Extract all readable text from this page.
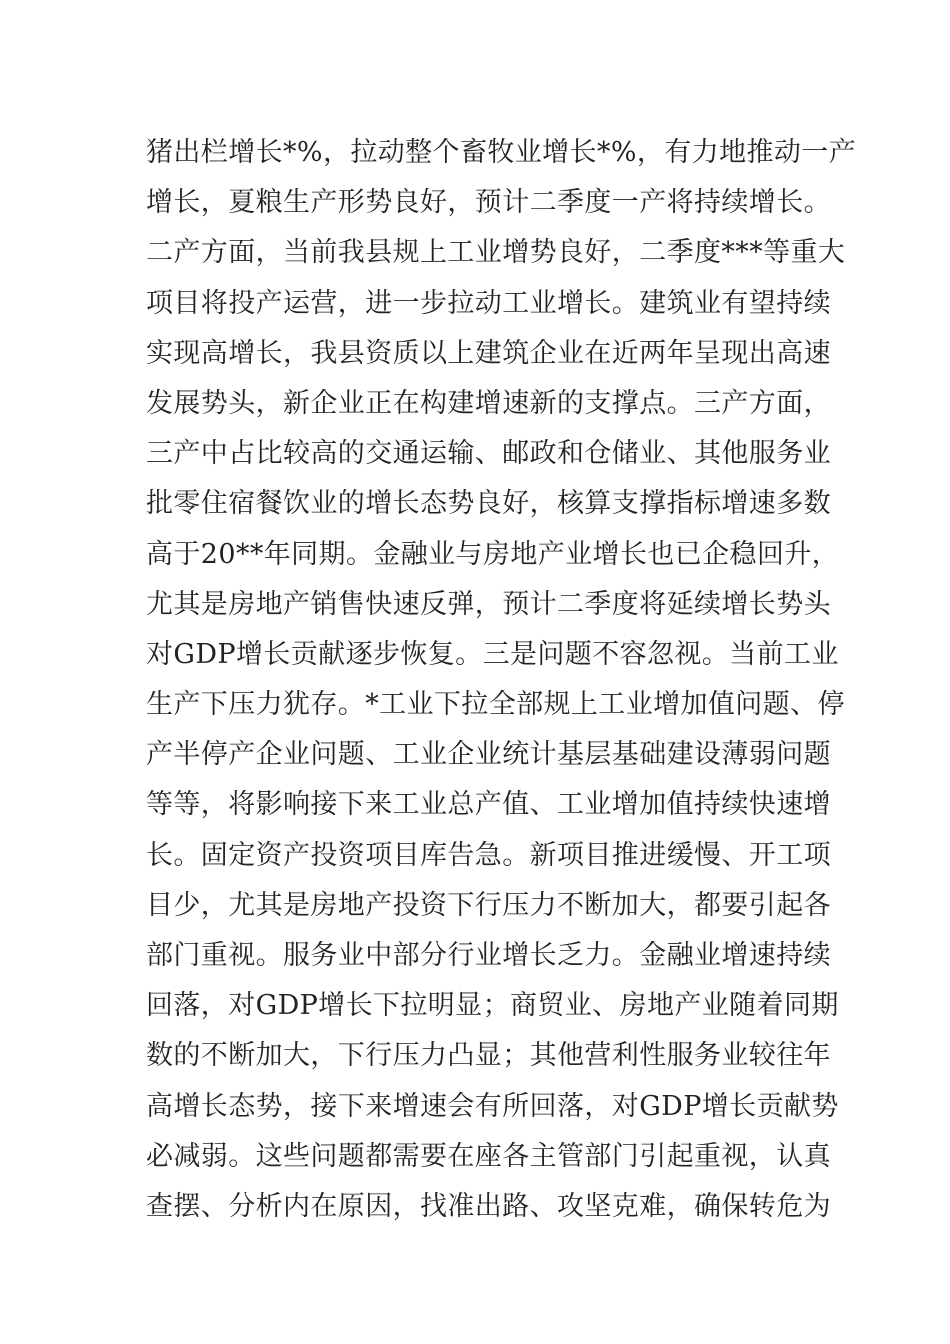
猪出栏增长*%，拉动整个畜牧业增长*%，有力地推动一产
增长，夏粮生产形势良好，预计二季度一产将持续增长。
二产方面，当前我县规上工业增势良好，二季度***等重大
项目将投产运营，进一步拉动工业增长。建筑业有望持续
实现高增长，我县资质以上建筑企业在近两年呈现出高速
发展势头，新企业正在构建增速新的支撑点。三产方面，
三产中占比较高的交通运输、邮政和仓储业、其他服务业
批零住宿餐饮业的增长态势良好，核算支撑指标增速多数
高于20**年同期。金融业与房地产业增长也已企稳回升，
尤其是房地产销售快速反弹，预计二季度将延续增长势头
对GDP增长贡献逐步恢复。三是问题不容忽视。当前工业
生产下压力犹存。*工业下拉全部规上工业增加值问题、停
产半停产企业问题、工业企业统计基层基础建设薄弱问题
等等，将影响接下来工业总产值、工业增加值持续快速增
长。固定资产投资项目库告急。新项目推进缓慢、开工项
目少，尤其是房地产投资下行压力不断加大，都要引起各
部门重视。服务业中部分行业增长乏力。金融业增速持续
回落，对GDP增长下拉明显；商贸业、房地产业随着同期
数的不断加大，下行压力凸显；其他营利性服务业较往年
高增长态势，接下来增速会有所回落，对GDP增长贡献势
必减弱。这些问题都需要在座各主管部门引起重视，认真
查摆、分析内在原因，找准出路、攻坚克难，确保转危为
